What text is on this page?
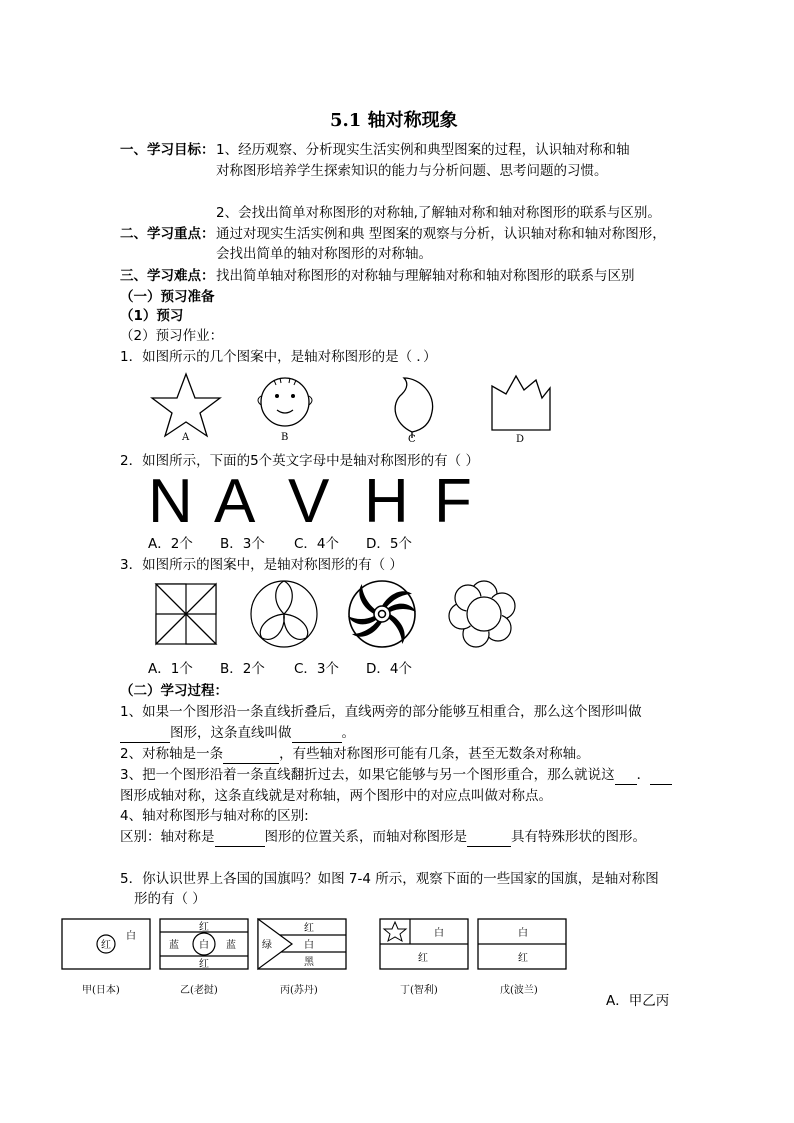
5.1 轴对称现象
一、学习目标： 1、经历观察、分析现实生活实例和典型图案的过程，认识轴对称和轴
对称图形培养学生探索知识的能力与分析问题、思考问题的习惯。
2、会找出简单对称图形的对称轴,了解轴对称和轴对称图形的联系与区别。
二、学习重点： 通过对现实生活实例和典 型图案的观察与分析，认识轴对称和轴对称图形，
会找出简单的轴对称图形的对称轴。
三、学习难点： 找出简单轴对称图形的对称轴与理解轴对称和轴对称图形的联系与区别
（一）预习准备
（1）预习
（2）预习作业：
1．如图所示的几个图案中，是轴对称图形的是（ ．）
A	B	C	D
2．如图所示，下面的5个英文字母中是轴对称图形的有（ ）
N A V H F
A．2个 B．3个 C．4个 D．5个
3．如图所示的图案中，是轴对称图形的有（ ）
A．1个 B．2个 C．3个 D．4个
（二）学习过程：
1、如果一个图形沿一条直线折叠后，直线两旁的部分能够互相重合，那么这个图形叫做
图形，这条直线叫做	。
2、对称轴是一条	，有些轴对称图形可能有几条，甚至无数条对称轴。
3、把一个图形沿着一条直线翻折过去，如果它能够与另一个图形重合，那么就说这 ．
图形成轴对称，这条直线就是对称轴，两个图形中的对应点叫做对称点。
4、轴对称图形与轴对称的区别:
区别：轴对称是	图形的位置关系，而轴对称图形是	具有特殊形状的图形。
5．你认识世界上各国的国旗吗？如图 7-4 所示，观察下面的一些国家的国旗，是轴对称图
形的有（ ）
红
白
红
蓝 白 蓝
红
绿
红
白
黑
白
红
白
红
甲(日本)	乙(老挝)	丙(苏丹)	丁(智利)	戊(波兰)
A．甲乙丙
